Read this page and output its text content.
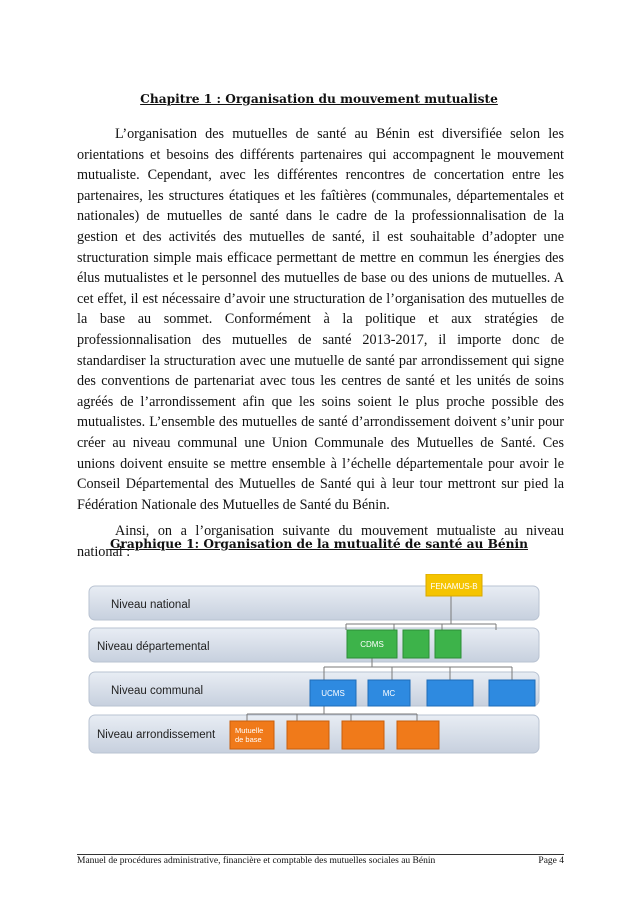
Chapitre 1 : Organisation du mouvement mutualiste

L’organisation des mutuelles de santé au Bénin est diversifiée selon les orientations et besoins des différents partenaires qui accompagnent le mouvement mutualiste. Cependant, avec les différentes rencontres de concertation entre les partenaires, les structures étatiques et les faîtières (communales, départementales et nationales) de mutuelles de santé dans le cadre de la professionnalisation de la gestion et des activités des mutuelles de santé, il est souhaitable d’adopter une structuration simple mais efficace permettant de mettre en commun les énergies des élus mutualistes et le personnel des mutuelles de base ou des unions de mutuelles. A cet effet, il est nécessaire d’avoir une structuration de l’organisation des mutuelles de la base au sommet. Conformément à la politique et aux stratégies de professionnalisation des mutuelles de santé 2013-2017, il importe donc de standardiser la structuration avec une mutuelle de santé par arrondissement qui signe des conventions de partenariat avec tous les centres de santé et les unités de soins agréés de l’arrondissement afin que les soins soient le plus proche possible des mutualistes. L’ensemble des mutuelles de santé d’arrondissement doivent s’unir pour créer au niveau communal une Union Communale des Mutuelles de Santé. Ces unions doivent ensuite se mettre ensemble à l’échelle départementale pour avoir le Conseil Départemental des Mutuelles de Santé qui à leur tour mettront sur pied la Fédération Nationale des Mutuelles de Santé du Bénin.

Ainsi, on a l’organisation suivante du mouvement mutualiste au niveau national :

Graphique 1: Organisation de la mutualité de santé au Bénin
Niveau national
Niveau départemental
Niveau communal
Niveau arrondissement
FENAMUS-B
CDMS
UCMS	MC
Mutuelle de base
Manuel de procédures administrative, financière et comptable des mutuelles sociales au Bénin	Page 4
